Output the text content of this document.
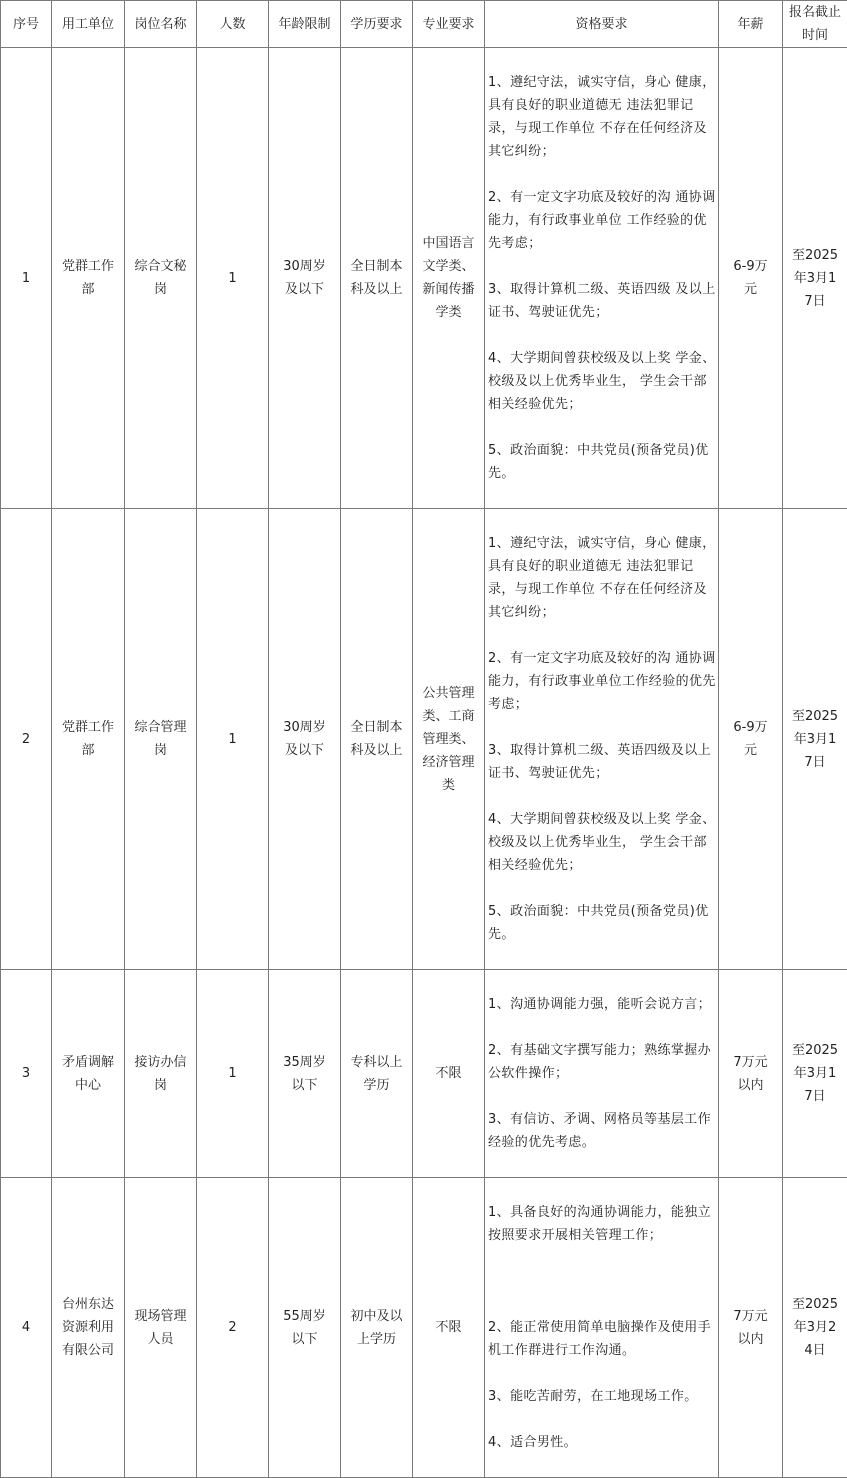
序号	用工单位	岗位名称	人数	年龄限制	学历要求	专业要求	资格要求	年薪	报名截止时间
1	党群工作部	综合文秘岗	1	30周岁及以下	全日制本科及以上	中国语言文学类、新闻传播学类	1、遵纪守法，诚实守信，身心 健康，具有良好的职业道德无 违法犯罪记录，与现工作单位 不存在任何经济及其它纠纷；

2、有一定文字功底及较好的沟 通协调能力，有行政事业单位 工作经验的优先考虑；

3、取得计算机二级、英语四级 及以上证书、驾驶证优先；

4、大学期间曾获校级及以上奖 学金、校级及以上优秀毕业生， 学生会干部相关经验优先；

5、政治面貌：中共党员(预备党员)优先。	6-9万元	至2025年3月17日
2	党群工作部	综合管理岗	1	30周岁及以下	全日制本科及以上	公共管理类、工商管理类、经济管理类	1、遵纪守法，诚实守信，身心 健康，具有良好的职业道德无 违法犯罪记录，与现工作单位 不存在任何经济及其它纠纷；

2、有一定文字功底及较好的沟 通协调能力，有行政事业单位工作经验的优先考虑；

3、取得计算机二级、英语四级及以上证书、驾驶证优先；

4、大学期间曾获校级及以上奖 学金、校级及以上优秀毕业生， 学生会干部相关经验优先；

5、政治面貌：中共党员(预备党员)优先。	6-9万元	至2025年3月17日
3	矛盾调解中心	接访办信岗	1	35周岁以下	专科以上学历	不限	1、沟通协调能力强，能听会说方言；

2、有基础文字撰写能力；熟练掌握办公软件操作；

3、有信访、矛调、网格员等基层工作经验的优先考虑。	7万元以内	至2025年3月17日
4	台州东达资源利用有限公司	现场管理人员	2	55周岁以下	初中及以上学历	不限	1、具备良好的沟通协调能力，能独立按照要求开展相关管理工作；

2、能正常使用简单电脑操作及使用手机工作群进行工作沟通。

3、能吃苦耐劳，在工地现场工作。

4、适合男性。	7万元以内	至2025年3月24日
